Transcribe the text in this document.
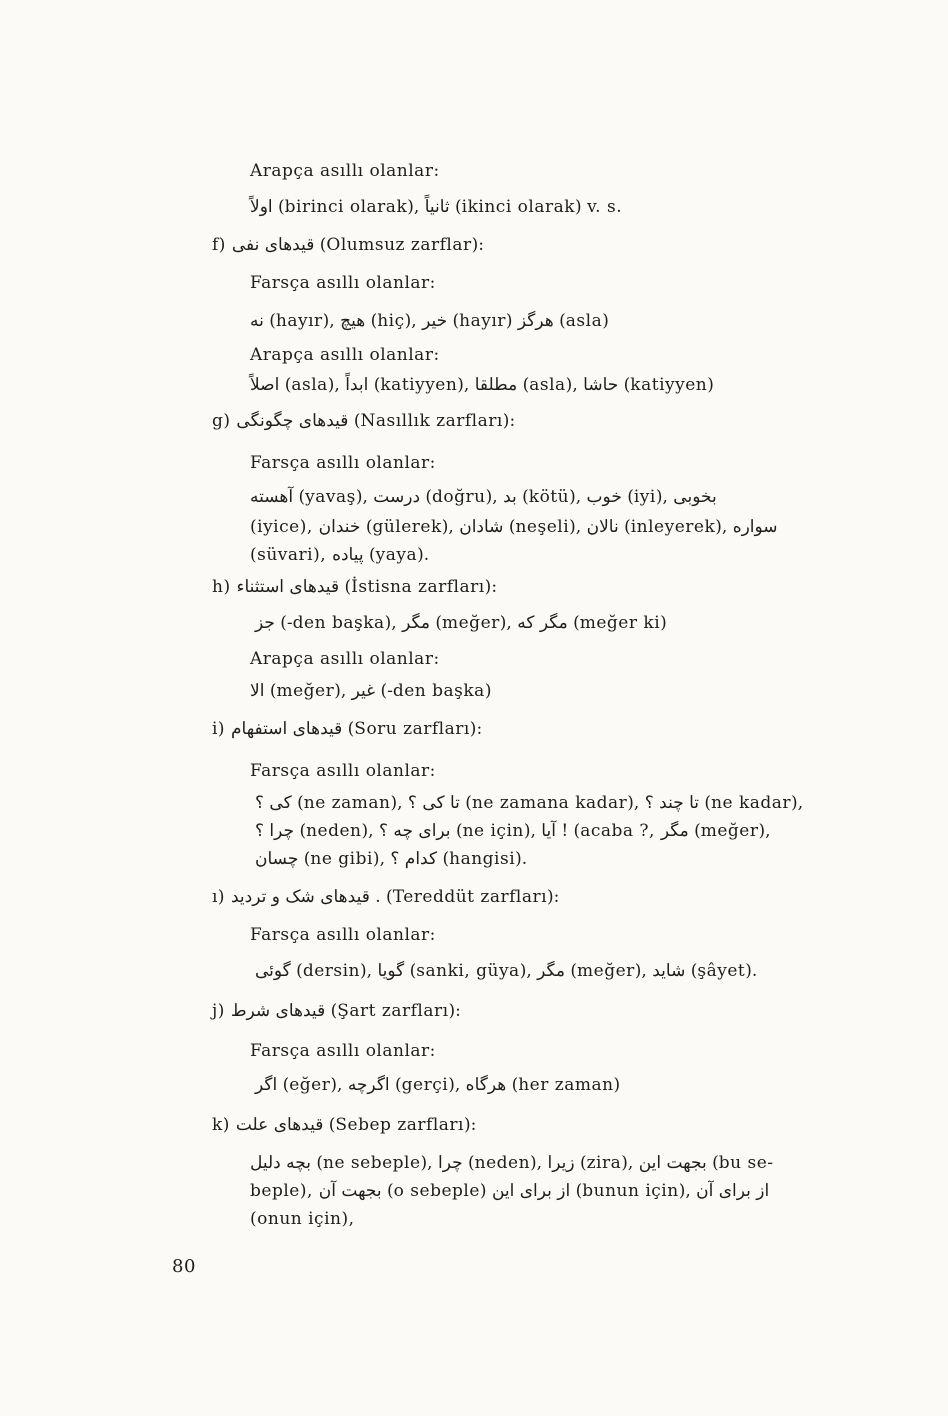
Arapça asıllı olanlar:
اولاً (birinci olarak), ثانیاً (ikinci olarak) v. s.
f) قیدهای نفی (Olumsuz zarflar):
Farsça asıllı olanlar:
نه (hayır), هیچ (hiç), خیر (hayır) هرگز (asla)
Arapça asıllı olanlar:
اصلاً (asla), ابداً (katiyyen), مطلقا (asla), حاشا (katiyyen)
g) قیدهای چگونگی (Nasıllık zarfları):
Farsça asıllı olanlar:
آهسته (yavaş), درست (doğru), بد (kötü), خوب (iyi), بخوبی
(iyice), خندان (gülerek), شادان (neşeli), نالان (inleyerek), سواره
(süvari), پیاده (yaya).
h) قیدهای استثناء (İstisna zarfları):
جز (-den başka), مگر (meğer), مگر که (meğer ki)
Arapça asıllı olanlar:
الا (meğer), غیر (-den başka)
i) قیدهای استفهام (Soru zarfları):
Farsça asıllı olanlar:
کی ؟ (ne zaman), تا کی ؟ (ne zamana kadar), تا چند ؟ (ne kadar),
چرا ؟ (neden), برای چه ؟ (ne için), آیا ! (acaba ?, مگر (meğer),
چسان (ne gibi), کدام ؟ (hangisi).
ı) قیدهای شک و تردید . (Tereddüt zarfları):
Farsça asıllı olanlar:
گوئی (dersin), گویا (sanki, güya), مگر (meğer), شاید (şâyet).
j) قیدهای شرط (Şart zarfları):
Farsça asıllı olanlar:
اگر (eğer), اگرچه (gerçi), هرگاه (her zaman)
k) قیدهای علت (Sebep zarfları):
بچه دلیل (ne sebeple), چرا (neden), زیرا (zira), بجهت این (bu se-
beple), بجهت آن (o sebeple) از برای این (bunun için), از برای آن
(onun için),
80
